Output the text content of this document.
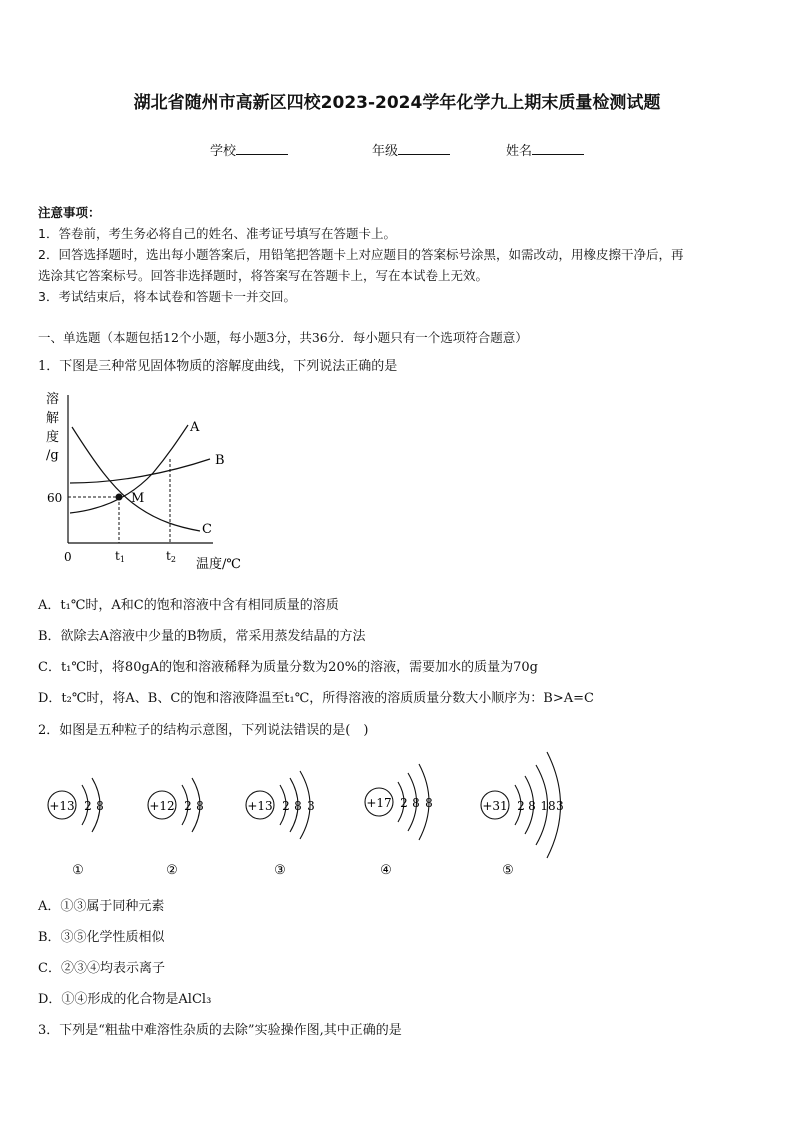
湖北省随州市高新区四校2023-2024学年化学九上期末质量检测试题
学校	年级	姓名
注意事项：
1．答卷前，考生务必将自己的姓名、准考证号填写在答题卡上。
2．回答选择题时，选出每小题答案后，用铅笔把答题卡上对应题目的答案标号涂黑，如需改动，用橡皮擦干净后，再
选涂其它答案标号。回答非选择题时，将答案写在答题卡上，写在本试卷上无效。
3．考试结束后，将本试卷和答题卡一并交回。
一、单选题（本题包括12个小题，每小题3分，共36分．每小题只有一个选项符合题意）
1．下图是三种常见固体物质的溶解度曲线，下列说法正确的是
溶
解
度
/g
60
0	t1	t2 温度/℃
M
A
B
C
A．t₁℃时，A和C的饱和溶液中含有相同质量的溶质
B．欲除去A溶液中少量的B物质，常采用蒸发结晶的方法
C．t₁℃时，将80gA的饱和溶液稀释为质量分数为20%的溶液，需要加水的质量为70g
D．t₂℃时，将A、B、C的饱和溶液降温至t₁℃，所得溶液的溶质质量分数大小顺序为：B>A=C
2．如图是五种粒子的结构示意图，下列说法错误的是(　)
+13 2 8
①
+12 2 8
②
+13 2 8 3
③
+17 2 8 8
④
+31 2 8 18 3
⑤
A．①③属于同种元素
B．③⑤化学性质相似
C．②③④均表示离子
D．①④形成的化合物是AlCl₃
3．下列是“粗盐中难溶性杂质的去除”实验操作图,其中正确的是
